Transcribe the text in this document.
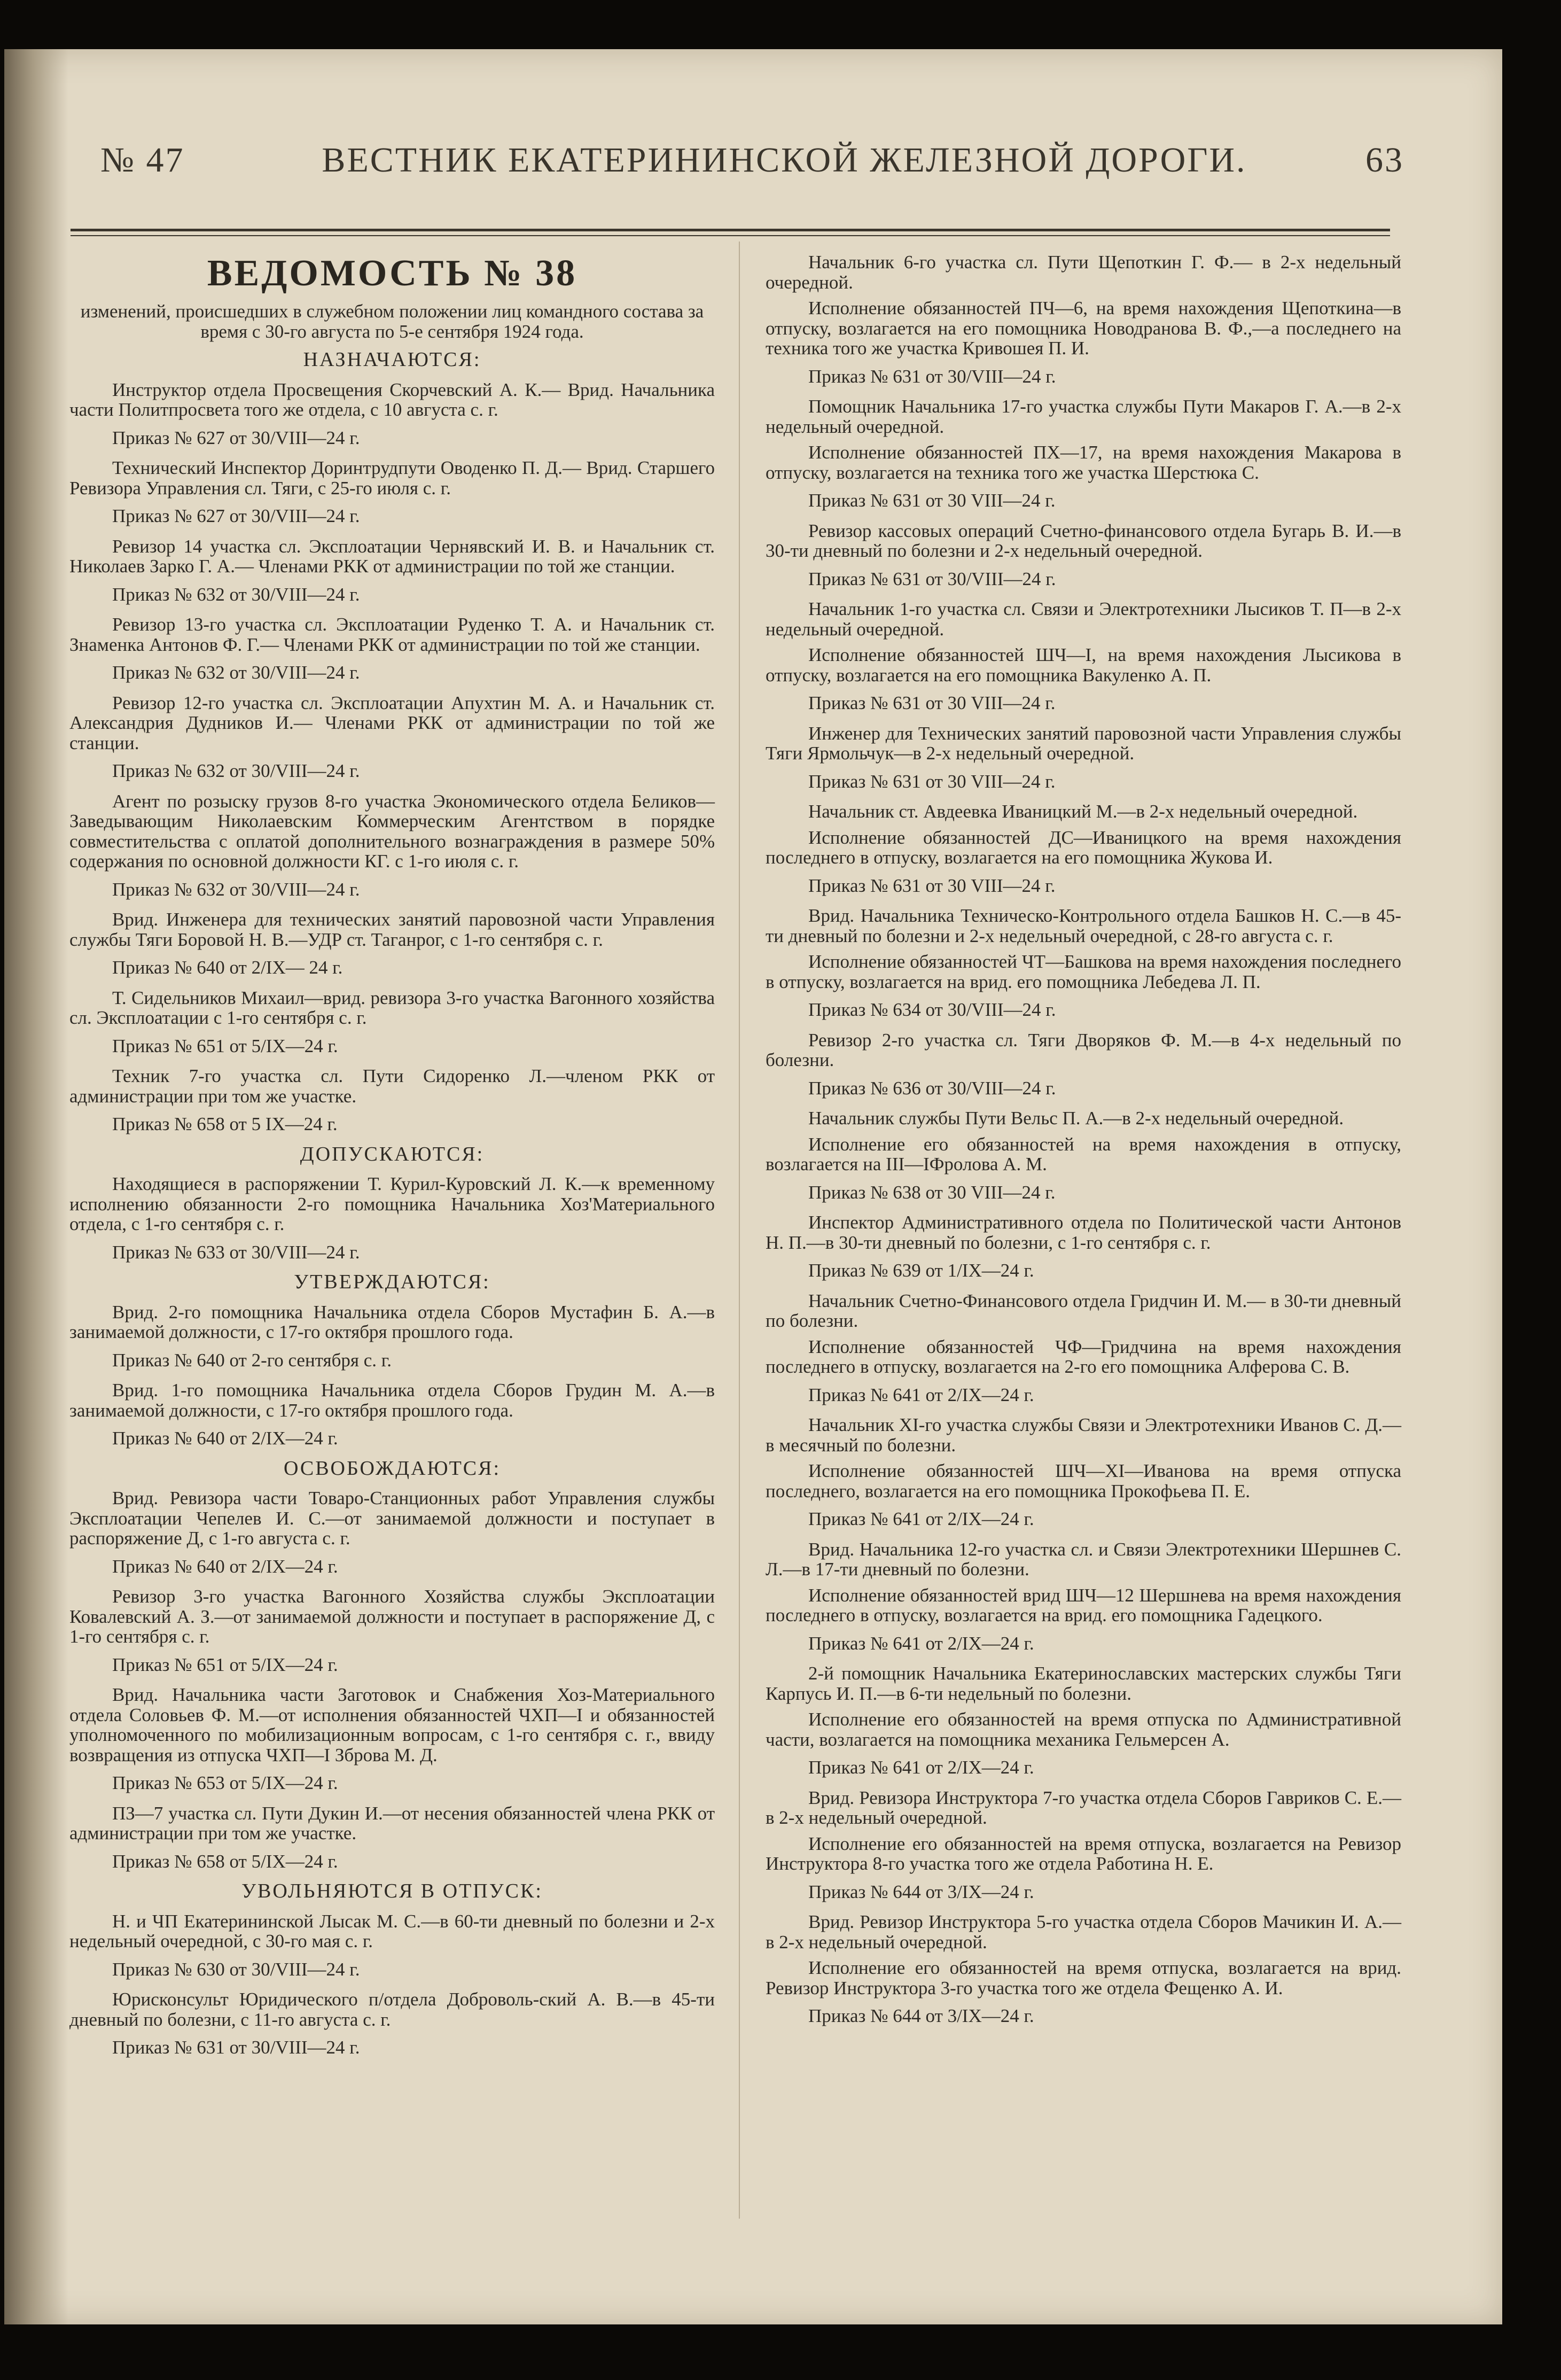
№ 47	ВЕСТНИК ЕКАТЕРИНИНСКОЙ ЖЕЛЕЗНОЙ ДОРОГИ.	63
ВЕДОМОСТЬ № 38

изменений, происшедших в служебном положении лиц командного состава за время с 30-го августа по 5-е сентября 1924 года.

НАЗНАЧАЮТСЯ:

Инструктор отдела Просвещения Скорчевский А. К.— Врид. Начальника части Политпросвета того же отдела, с 10 августа с. г.

Приказ № 627 от 30/VIII—24 г.

Технический Инспектор Доринтрудпути Оводенко П. Д.— Врид. Старшего Ревизора Управления сл. Тяги, с 25-го июля с. г.

Приказ № 627 от 30/VIII—24 г.

Ревизор 14 участка сл. Эксплоатации Чернявский И. В. и Начальник ст. Николаев Зарко Г. А.— Членами РКК от администрации по той же станции.

Приказ № 632 от 30/VIII—24 г.

Ревизор 13-го участка сл. Эксплоатации Руденко Т. А. и Начальник ст. Знаменка Антонов Ф. Г.— Членами РКК от администрации по той же станции.

Приказ № 632 от 30/VIII—24 г.

Ревизор 12-го участка сл. Эксплоатации Апухтин М. А. и Начальник ст. Александрия Дудников И.— Членами РКК от администрации по той же станции.

Приказ № 632 от 30/VIII—24 г.

Агент по розыску грузов 8-го участка Экономического отдела Беликов—Заведывающим Николаевским Коммерческим Агентством в порядке совместительства с оплатой дополнительного вознаграждения в размере 50% содержания по основной должности КГ. с 1-го июля с. г.

Приказ № 632 от 30/VIII—24 г.

Врид. Инженера для технических занятий паровозной части Управления службы Тяги Боровой Н. В.—УДР ст. Таганрог, с 1-го сентября с. г.

Приказ № 640 от 2/IX— 24 г.

Т. Сидельников Михаил—врид. ревизора 3-го участка Вагонного хозяйства сл. Эксплоатации с 1-го сентября с. г.

Приказ № 651 от 5/IX—24 г.

Техник 7-го участка сл. Пути Сидоренко Л.—членом РКК от администрации при том же участке.

Приказ № 658 от 5 IX—24 г.

ДОПУСКАЮТСЯ:

Находящиеся в распоряжении Т. Курил-Куровский Л. К.—к временному исполнению обязанности 2-го помощника Начальника Хоз'Материального отдела, с 1-го сентября с. г.

Приказ № 633 от 30/VIII—24 г.

УТВЕРЖДАЮТСЯ:

Врид. 2-го помощника Начальника отдела Сборов Мустафин Б. А.—в занимаемой должности, с 17-го октября прошлого года.

Приказ № 640 от 2-го сентября с. г.

Врид. 1-го помощника Начальника отдела Сборов Грудин М. А.—в занимаемой должности, с 17-го октября прошлого года.

Приказ № 640 от 2/IX—24 г.

ОСВОБОЖДАЮТСЯ:

Врид. Ревизора части Товаро-Станционных работ Управления службы Эксплоатации Чепелев И. С.—от занимаемой должности и поступает в распоряжение Д, с 1-го августа с. г.

Приказ № 640 от 2/IX—24 г.

Ревизор 3-го участка Вагонного Хозяйства службы Эксплоатации Ковалевский А. З.—от занимаемой должности и поступает в распоряжение Д, с 1-го сентября с. г.

Приказ № 651 от 5/IX—24 г.

Врид. Начальника части Заготовок и Снабжения Хоз-Материального отдела Соловьев Ф. М.—от исполнения обязанностей ЧХП—I и обязанностей уполномоченного по мобилизационным вопросам, с 1-го сентября с. г., ввиду возвращения из отпуска ЧХП—I Зброва М. Д.

Приказ № 653 от 5/IX—24 г.

ПЗ—7 участка сл. Пути Дукин И.—от несения обязанностей члена РКК от администрации при том же участке.

Приказ № 658 от 5/IX—24 г.

УВОЛЬНЯЮТСЯ В ОТПУСК:

Н. и ЧП Екатерининской Лысак М. С.—в 60-ти дневный по болезни и 2-х недельный очередной, с 30-го мая с. г.

Приказ № 630 от 30/VIII—24 г.

Юрисконсульт Юридического п/отдела Доброволь-ский А. В.—в 45-ти дневный по болезни, с 11-го августа с. г.

Приказ № 631 от 30/VIII—24 г.

Начальник 6-го участка сл. Пути Щепоткин Г. Ф.— в 2-х недельный очередной.

Исполнение обязанностей ПЧ—6, на время нахождения Щепоткина—в отпуску, возлагается на его помощника Новодранова В. Ф.,—а последнего на техника того же участка Кривошея П. И.

Приказ № 631 от 30/VIII—24 г.

Помощник Начальника 17-го участка службы Пути Макаров Г. А.—в 2-х недельный очередной.

Исполнение обязанностей ПХ—17, на время нахождения Макарова в отпуску, возлагается на техника того же участка Шерстюка С.

Приказ № 631 от 30 VIII—24 г.

Ревизор кассовых операций Счетно-финансового отдела Бугарь В. И.—в 30-ти дневный по болезни и 2-х недельный очередной.

Приказ № 631 от 30/VIII—24 г.

Начальник 1-го участка сл. Связи и Электротехники Лысиков Т. П—в 2-х недельный очередной.

Исполнение обязанностей ШЧ—I, на время нахождения Лысикова в отпуску, возлагается на его помощника Вакуленко А. П.

Приказ № 631 от 30 VIII—24 г.

Инженер для Технических занятий паровозной части Управления службы Тяги Ярмольчук—в 2-х недельный очередной.

Приказ № 631 от 30 VIII—24 г.

Начальник ст. Авдеевка Иваницкий М.—в 2-х недельный очередной.

Исполнение обязанностей ДС—Иваницкого на время нахождения последнего в отпуску, возлагается на его помощника Жукова И.

Приказ № 631 от 30 VIII—24 г.

Врид. Начальника Техническо-Контрольного отдела Башков Н. С.—в 45-ти дневный по болезни и 2-х недельный очередной, с 28-го августа с. г.

Исполнение обязанностей ЧТ—Башкова на время нахождения последнего в отпуску, возлагается на врид. его помощника Лебедева Л. П.

Приказ № 634 от 30/VIII—24 г.

Ревизор 2-го участка сл. Тяги Дворяков Ф. М.—в 4-х недельный по болезни.

Приказ № 636 от 30/VIII—24 г.

Начальник службы Пути Вельс П. А.—в 2-х недельный очередной.

Исполнение его обязанностей на время нахождения в отпуску, возлагается на III—IФролова А. М.

Приказ № 638 от 30 VIII—24 г.

Инспектор Административного отдела по Политической части Антонов Н. П.—в 30-ти дневный по болезни, с 1-го сентября с. г.

Приказ № 639 от 1/IX—24 г.

Начальник Счетно-Финансового отдела Гридчин И. М.— в 30-ти дневный по болезни.

Исполнение обязанностей ЧФ—Гридчина на время нахождения последнего в отпуску, возлагается на 2-го его помощника Алферова С. В.

Приказ № 641 от 2/IX—24 г.

Начальник XI-го участка службы Связи и Электротехники Иванов С. Д.—в месячный по болезни.

Исполнение обязанностей ШЧ—XI—Иванова на время отпуска последнего, возлагается на его помощника Прокофьева П. Е.

Приказ № 641 от 2/IX—24 г.

Врид. Начальника 12-го участка сл. и Связи Электротехники Шершнев С. Л.—в 17-ти дневный по болезни.

Исполнение обязанностей врид ШЧ—12 Шершнева на время нахождения последнего в отпуску, возлагается на врид. его помощника Гадецкого.

Приказ № 641 от 2/IX—24 г.

2-й помощник Начальника Екатеринославских мастерских службы Тяги Карпусь И. П.—в 6-ти недельный по болезни.

Исполнение его обязанностей на время отпуска по Административной части, возлагается на помощника механика Гельмерсен А.

Приказ № 641 от 2/IX—24 г.

Врид. Ревизора Инструктора 7-го участка отдела Сборов Гавриков С. Е.—в 2-х недельный очередной.

Исполнение его обязанностей на время отпуска, возлагается на Ревизор Инструктора 8-го участка того же отдела Работина Н. Е.

Приказ № 644 от 3/IX—24 г.

Врид. Ревизор Инструктора 5-го участка отдела Сборов Мачикин И. А.—в 2-х недельный очередной.

Исполнение его обязанностей на время отпуска, возлагается на врид. Ревизор Инструктора 3-го участка того же отдела Фещенко А. И.

Приказ № 644 от 3/IX—24 г.
